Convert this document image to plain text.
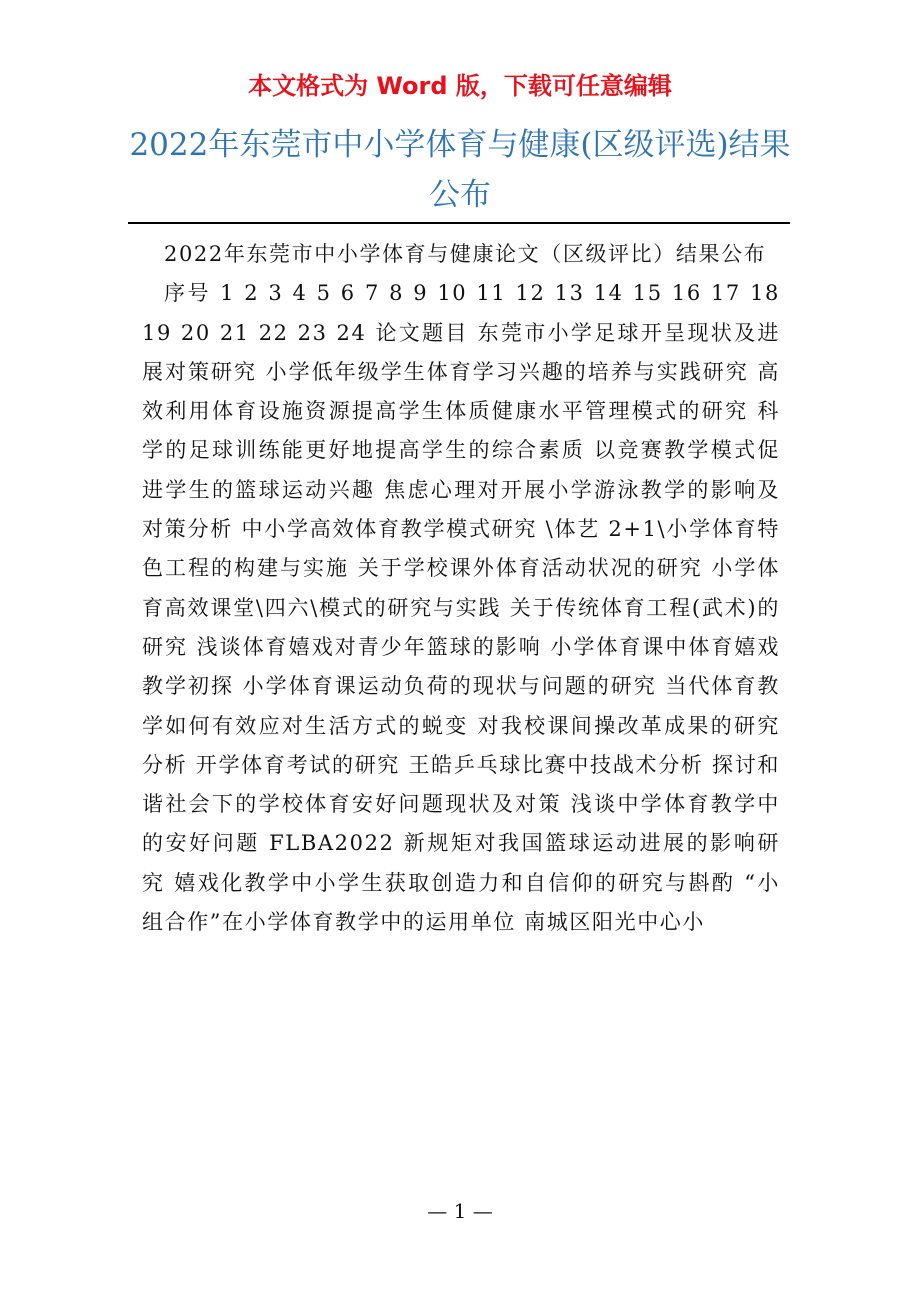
本文格式为 Word 版，下载可任意编辑
2022年东莞市中小学体育与健康(区级评选)结果公布

2022年东莞市中小学体育与健康论文（区级评比）结果公布

序号 1 2 3 4 5 6 7 8 9 10 11 12 13 14 15 16 17 18 19 20 21 22 23 24 论文题目 东莞市小学足球开呈现状及进展对策研究 小学低年级学生体育学习兴趣的培养与实践研究 高效利用体育设施资源提高学生体质健康水平管理模式的研究 科学的足球训练能更好地提高学生的综合素质 以竞赛教学模式促进学生的篮球运动兴趣 焦虑心理对开展小学游泳教学的影响及对策分析 中小学高效体育教学模式研究 \体艺 2+1\小学体育特色工程的构建与实施 关于学校课外体育活动状况的研究 小学体育高效课堂\四六\模式的研究与实践 关于传统体育工程(武术)的研究 浅谈体育嬉戏对青少年篮球的影响 小学体育课中体育嬉戏教学初探 小学体育课运动负荷的现状与问题的研究 当代体育教学如何有效应对生活方式的蜕变 对我校课间操改革成果的研究分析 开学体育考试的研究 王皓乒乓球比赛中技战术分析 探讨和谐社会下的学校体育安好问题现状及对策 浅谈中学体育教学中的安好问题 FLBA2022 新规矩对我国篮球运动进展的影响研究 嬉戏化教学中小学生获取创造力和自信仰的研究与斟酌 “小组合作”在小学体育教学中的运用单位 南城区阳光中心小

— 1 —
